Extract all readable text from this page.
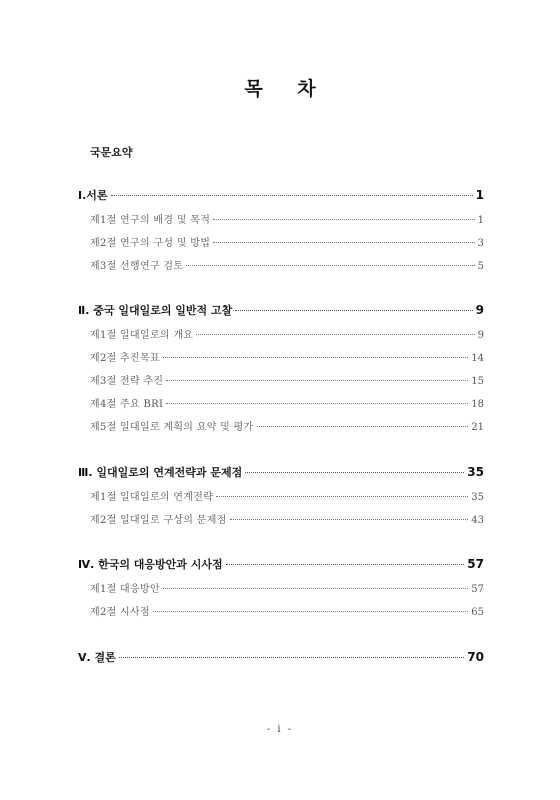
목 차
국문요약
Ⅰ.서론	1
제1절 연구의 배경 및 목적	1
제2절 연구의 구성 및 방법	3
제3절 선행연구 검토	5
Ⅱ. 중국 일대일로의 일반적 고찰	9
제1절 일대일로의 개요	9
제2절 추진목표	14
제3절 전략 추진	15
제4절 주요 BRI	18
제5절 일대일로 계획의 요약 및 평가	21
Ⅲ. 일대일로의 연계전략과 문제점	35
제1절 일대일로의 연계전략	35
제2절 일대일로 구상의 문제점	43
Ⅳ. 한국의 대응방안과 시사점	57
제1절 대응방안	57
제2절 시사점	65
Ⅴ. 결론	70
- i -
